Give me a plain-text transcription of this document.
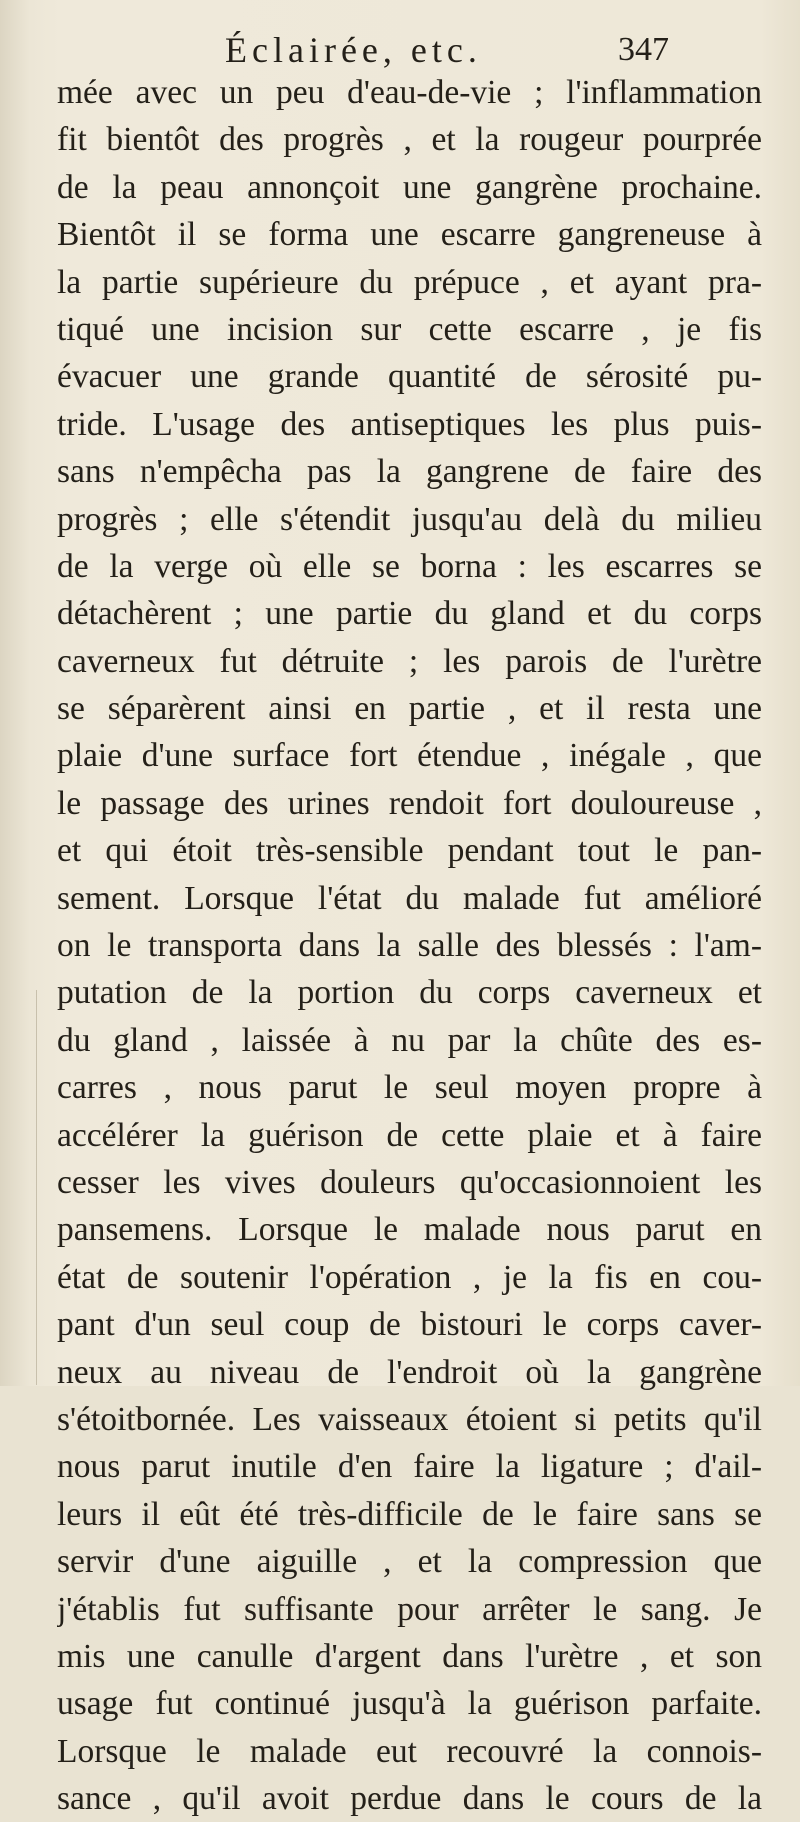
Éclairée, etc.	347
mée avec un peu d'eau-de-vie ; l'inflammation
fit bientôt des progrès , et la rougeur pourprée
de la peau annonçoit une gangrène prochaine.
Bientôt il se forma une escarre gangreneuse à
la partie supérieure du prépuce , et ayant pra-
tiqué une incision sur cette escarre , je fis
évacuer une grande quantité de sérosité pu-
tride. L'usage des antiseptiques les plus puis-
sans n'empêcha pas la gangrene de faire des
progrès ; elle s'étendit jusqu'au delà du milieu
de la verge où elle se borna : les escarres se
détachèrent ; une partie du gland et du corps
caverneux fut détruite ; les parois de l'urètre
se séparèrent ainsi en partie , et il resta une
plaie d'une surface fort étendue , inégale , que
le passage des urines rendoit fort douloureuse ,
et qui étoit très-sensible pendant tout le pan-
sement. Lorsque l'état du malade fut amélioré
on le transporta dans la salle des blessés : l'am-
putation de la portion du corps caverneux et
du gland , laissée à nu par la chûte des es-
carres , nous parut le seul moyen propre à
accélérer la guérison de cette plaie et à faire
cesser les vives douleurs qu'occasionnoient les
pansemens. Lorsque le malade nous parut en
état de soutenir l'opération , je la fis en cou-
pant d'un seul coup de bistouri le corps caver-
neux au niveau de l'endroit où la gangrène
s'étoitbornée. Les vaisseaux étoient si petits qu'il
nous parut inutile d'en faire la ligature ; d'ail-
leurs il eût été très-difficile de le faire sans se
servir d'une aiguille , et la compression que
j'établis fut suffisante pour arrêter le sang. Je
mis une canulle d'argent dans l'urètre , et son
usage fut continué jusqu'à la guérison parfaite.
Lorsque le malade eut recouvré la connois-
sance , qu'il avoit perdue dans le cours de la
